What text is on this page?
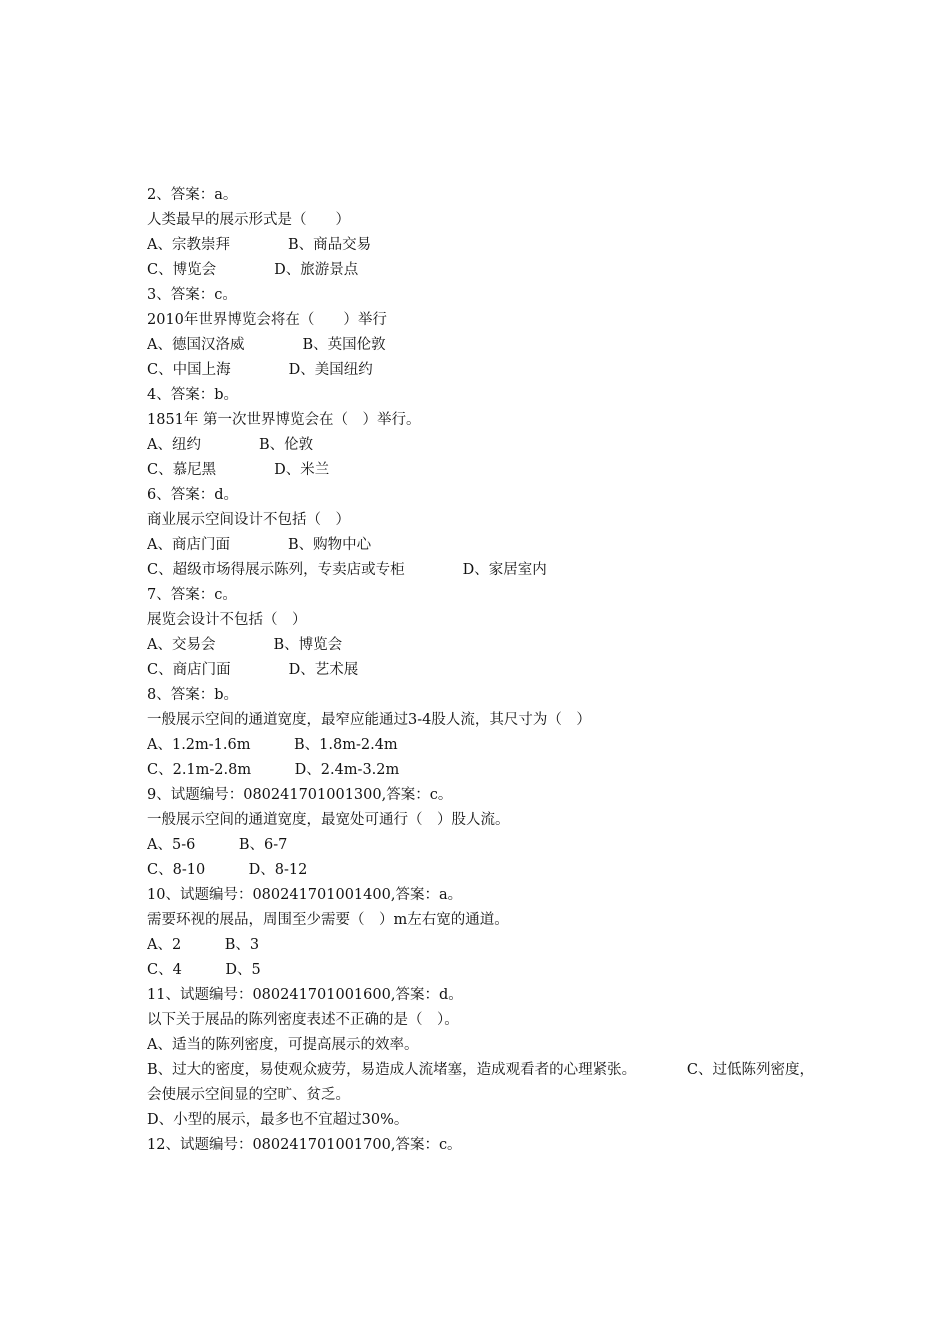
2、答案：a。
人类最早的展示形式是（　　）
A、宗教崇拜　　　　B、商品交易
C、博览会　　　　D、旅游景点
3、答案：c。
2010年世界博览会将在（　　）举行
A、德国汉洛威　　　　B、英国伦敦
C、中国上海　　　　D、美国纽约
4、答案：b。
1851年 第一次世界博览会在（　）举行。
A、纽约　　　　B、伦敦
C、慕尼黑　　　　D、米兰
6、答案：d。
商业展示空间设计不包括（　）
A、商店门面　　　　B、购物中心
C、超级市场得展示陈列，专卖店或专柜　　　　D、家居室内
7、答案：c。
展览会设计不包括（　）
A、交易会　　　　B、博览会
C、商店门面　　　　D、艺术展
8、答案：b。
一般展示空间的通道宽度，最窄应能通过3-4股人流，其尺寸为（　）
A、1.2m-1.6m　　　B、1.8m-2.4m
C、2.1m-2.8m　　　D、2.4m-3.2m
9、试题编号：080241701001300,答案：c。
一般展示空间的通道宽度，最宽处可通行（　）股人流。
A、5-6　　　B、6-7
C、8-10　　　D、8-12
10、试题编号：080241701001400,答案：a。
需要环视的展品，周围至少需要（　）m左右宽的通道。
A、2　　　B、3
C、4　　　D、5
11、试题编号：080241701001600,答案：d。
以下关于展品的陈列密度表述不正确的是（　）。
A、适当的陈列密度，可提高展示的效率。
B、过大的密度，易使观众疲劳，易造成人流堵塞，造成观看者的心理紧张。　　　　C、过低陈列密度，会使展示空间显的空旷、贫乏。
D、小型的展示，最多也不宜超过30%。
12、试题编号：080241701001700,答案：c。
